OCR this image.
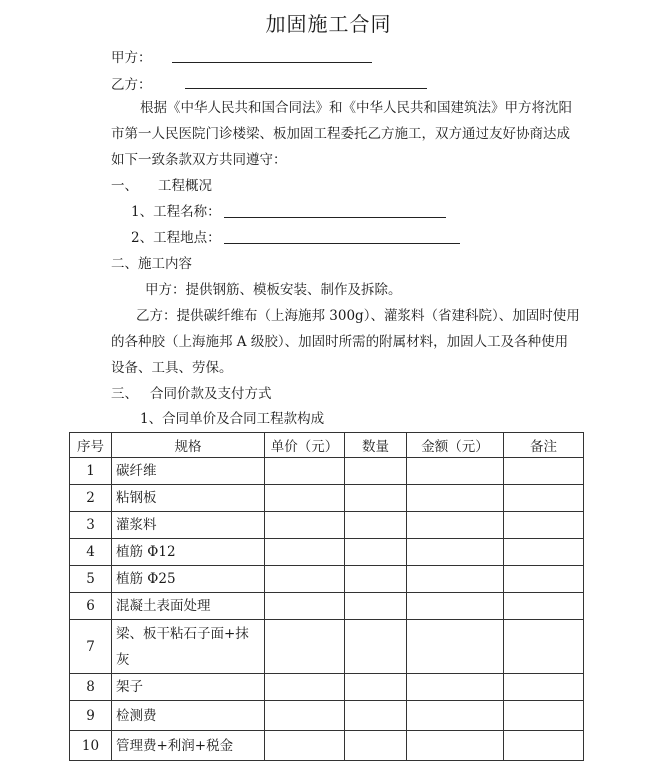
加固施工合同
甲方：
乙方：
根据《中华人民共和国合同法》和《中华人民共和国建筑法》甲方将沈阳
市第一人民医院门诊楼梁、板加固工程委托乙方施工，双方通过友好协商达成
如下一致条款双方共同遵守：
一、 工程概况
1、工程名称：
2、工程地点：
二、施工内容
甲方：提供钢筋、模板安装、制作及拆除。
乙方：提供碳纤维布（上海施邦 300g）、灌浆料（省建科院）、加固时使用
的各种胶（上海施邦 A 级胶）、加固时所需的附属材料，加固人工及各种使用
设备、工具、劳保。
三、 合同价款及支付方式
1、合同单价及合同工程款构成
序号	规格	单价（元）	数量	金额（元）	备注
1	碳纤维				
2	粘钢板				
3	灌浆料				
4	植筋 Φ12				
5	植筋 Φ25				
6	混凝土表面处理				
7	梁、板干粘石子面+抹灰				
8	架子				
9	检测费				
10	管理费+利润+税金				
